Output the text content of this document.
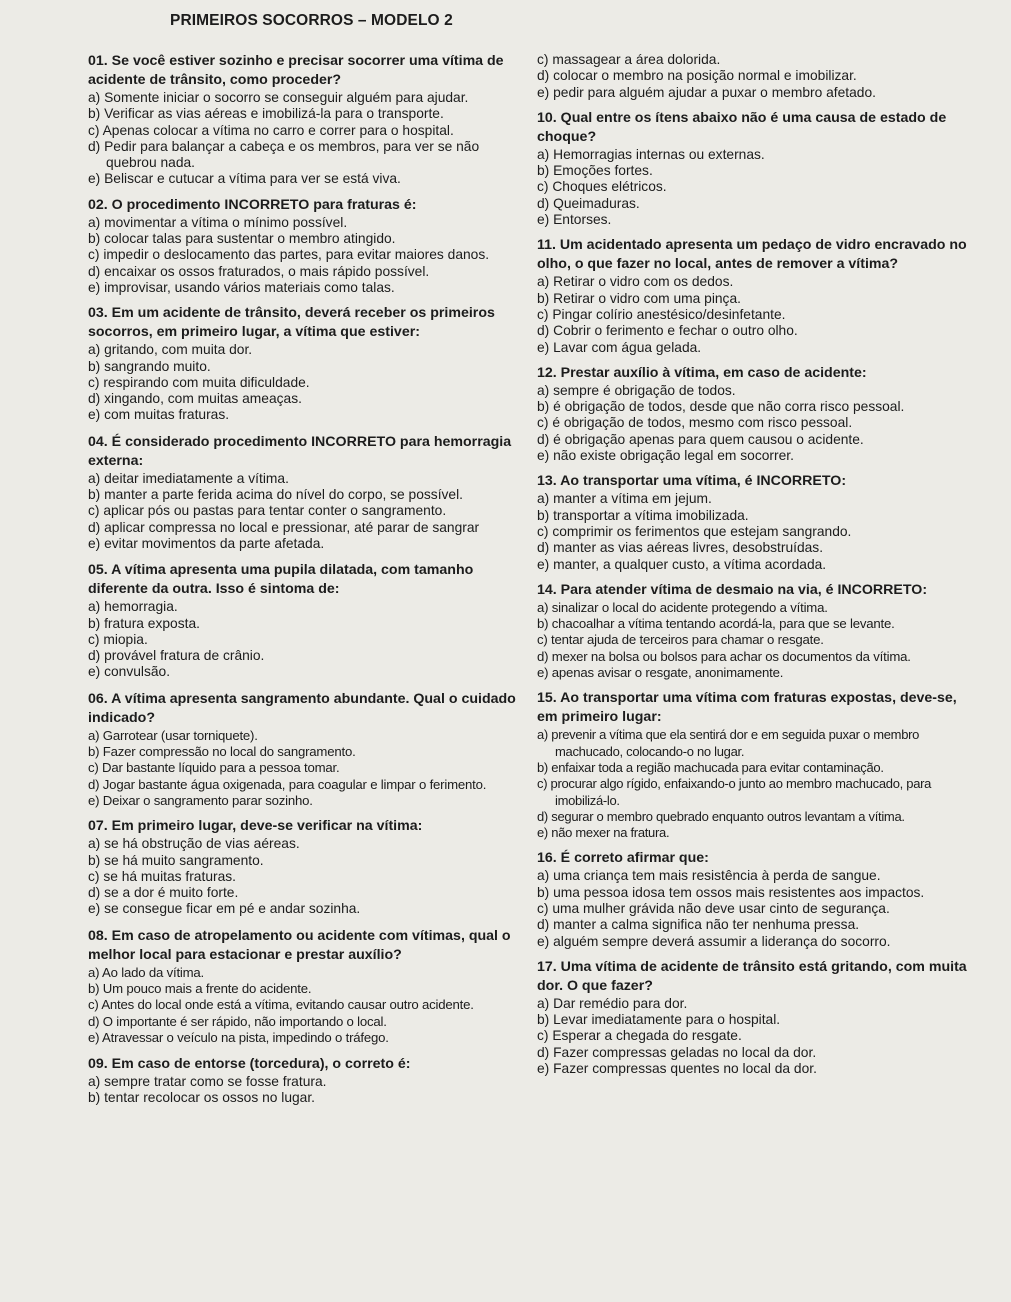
PRIMEIROS SOCORROS – MODELO 2
01. Se você estiver sozinho e precisar socorrer uma vítima de acidente de trânsito, como proceder?
a) Somente iniciar o socorro se conseguir alguém para ajudar.
b) Verificar as vias aéreas e imobilizá-la para o transporte.
c) Apenas colocar a vítima no carro e correr para o hospital.
d) Pedir para balançar a cabeça e os membros, para ver se não quebrou nada.
e) Beliscar e cutucar a vítima para ver se está viva.
02. O procedimento INCORRETO para fraturas é:
a) movimentar a vítima o mínimo possível.
b) colocar talas para sustentar o membro atingido.
c) impedir o deslocamento das partes, para evitar maiores danos.
d) encaixar os ossos fraturados, o mais rápido possível.
e) improvisar, usando vários materiais como talas.
03. Em um acidente de trânsito, deverá receber os primeiros socorros, em primeiro lugar, a vítima que estiver:
a) gritando, com muita dor.
b) sangrando muito.
c) respirando com muita dificuldade.
d) xingando, com muitas ameaças.
e) com muitas fraturas.
04. É considerado procedimento INCORRETO para hemorragia externa:
a) deitar imediatamente a vítima.
b) manter a parte ferida acima do nível do corpo, se possível.
c) aplicar pós ou pastas para tentar conter o sangramento.
d) aplicar compressa no local e pressionar, até parar de sangrar
e) evitar movimentos da parte afetada.
05. A vítima apresenta uma pupila dilatada, com tamanho diferente da outra. Isso é sintoma de:
a) hemorragia.
b) fratura exposta.
c) miopia.
d) provável fratura de crânio.
e) convulsão.
06. A vítima apresenta sangramento abundante. Qual o cuidado indicado?
a) Garrotear (usar torniquete).
b) Fazer compressão no local do sangramento.
c) Dar bastante líquido para a pessoa tomar.
d) Jogar bastante água oxigenada, para coagular e limpar o ferimento.
e) Deixar o sangramento parar sozinho.
07. Em primeiro lugar, deve-se verificar na vítima:
a) se há obstrução de vias aéreas.
b) se há muito sangramento.
c) se há muitas fraturas.
d) se a dor é muito forte.
e) se consegue ficar em pé e andar sozinha.
08. Em caso de atropelamento ou acidente com vítimas, qual o melhor local para estacionar e prestar auxílio?
a) Ao lado da vítima.
b) Um pouco mais a frente do acidente.
c) Antes do local onde está a vítima, evitando causar outro acidente.
d) O importante é ser rápido, não importando o local.
e) Atravessar o veículo na pista, impedindo o tráfego.
09. Em caso de entorse (torcedura), o correto é:
a) sempre tratar como se fosse fratura.
b) tentar recolocar os ossos no lugar.
c) massagear a área dolorida.
d) colocar o membro na posição normal e imobilizar.
e) pedir para alguém ajudar a puxar o membro afetado.
10. Qual entre os ítens abaixo não é uma causa de estado de choque?
a) Hemorragias internas ou externas.
b) Emoções fortes.
c) Choques elétricos.
d) Queimaduras.
e) Entorses.
11. Um acidentado apresenta um pedaço de vidro encravado no olho, o que fazer no local, antes de remover a vítima?
a) Retirar o vidro com os dedos.
b) Retirar o vidro com uma pinça.
c) Pingar colírio anestésico/desinfetante.
d) Cobrir o ferimento e fechar o outro olho.
e) Lavar com água gelada.
12. Prestar auxílio à vítima, em caso de acidente:
a) sempre é obrigação de todos.
b) é obrigação de todos, desde que não corra risco pessoal.
c) é obrigação de todos, mesmo com risco pessoal.
d) é obrigação apenas para quem causou o acidente.
e) não existe obrigação legal em socorrer.
13. Ao transportar uma vítima, é INCORRETO:
a) manter a vítima em jejum.
b) transportar a vítima imobilizada.
c) comprimir os ferimentos que estejam sangrando.
d) manter as vias aéreas livres, desobstruídas.
e) manter, a qualquer custo, a vítima acordada.
14. Para atender vítima de desmaio na via, é INCORRETO:
a) sinalizar o local do acidente protegendo a vítima.
b) chacoalhar a vítima tentando acordá-la, para que se levante.
c) tentar ajuda de terceiros para chamar o resgate.
d) mexer na bolsa ou bolsos para achar os documentos da vítima.
e) apenas avisar o resgate, anonimamente.
15. Ao transportar uma vítima com fraturas expostas, deve-se, em primeiro lugar:
a) prevenir a vítima que ela sentirá dor e em seguida puxar o membro machucado, colocando-o no lugar.
b) enfaixar toda a região machucada para evitar contaminação.
c) procurar algo rígido, enfaixando-o junto ao membro machucado, para imobilizá-lo.
d) segurar o membro quebrado enquanto outros levantam a vítima.
e) não mexer na fratura.
16. É correto afirmar que:
a) uma criança tem mais resistência à perda de sangue.
b) uma pessoa idosa tem ossos mais resistentes aos impactos.
c) uma mulher grávida não deve usar cinto de segurança.
d) manter a calma significa não ter nenhuma pressa.
e) alguém sempre deverá assumir a liderança do socorro.
17. Uma vítima de acidente de trânsito está gritando, com muita dor. O que fazer?
a) Dar remédio para dor.
b) Levar imediatamente para o hospital.
c) Esperar a chegada do resgate.
d) Fazer compressas geladas no local da dor.
e) Fazer compressas quentes no local da dor.
